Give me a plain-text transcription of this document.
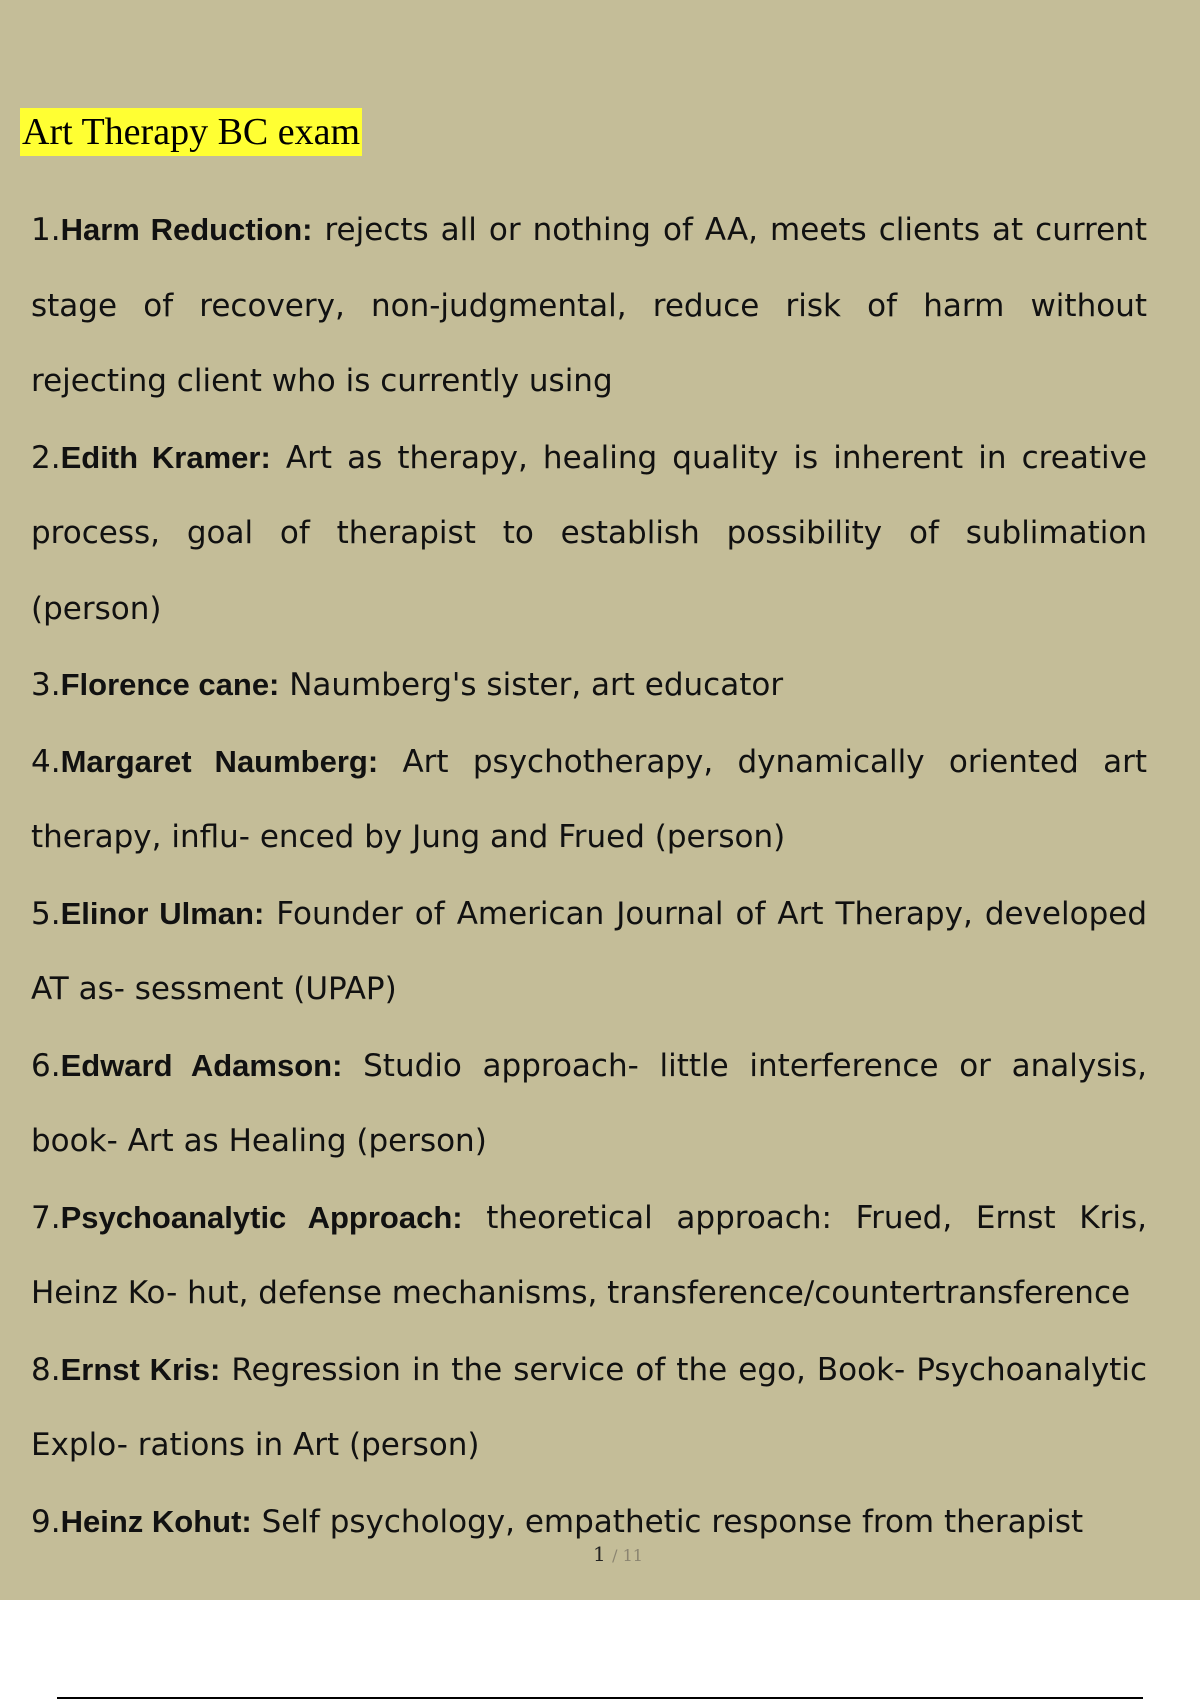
Art Therapy BC exam

1.Harm Reduction: rejects all or nothing of AA, meets clients at current stage of recovery, non-judgmental, reduce risk of harm without rejecting client who is currently using

2.Edith Kramer: Art as therapy, healing quality is inherent in creative process, goal of therapist to establish possibility of sublimation (person)

3.Florence cane: Naumberg's sister, art educator

4.Margaret Naumberg: Art psychotherapy, dynamically oriented art therapy, influ- enced by Jung and Frued (person)

5.Elinor Ulman: Founder of American Journal of Art Therapy, developed AT as- sessment (UPAP)

6.Edward Adamson: Studio approach- little interference or analysis, book- Art as Healing (person)

7.Psychoanalytic Approach: theoretical approach: Frued, Ernst Kris, Heinz Ko- hut, defense mechanisms, transference/countertransference

8.Ernst Kris: Regression in the service of the ego, Book- Psychoanalytic Explo- rations in Art (person)

9.Heinz Kohut: Self psychology, empathetic response from therapist

1 / 11
